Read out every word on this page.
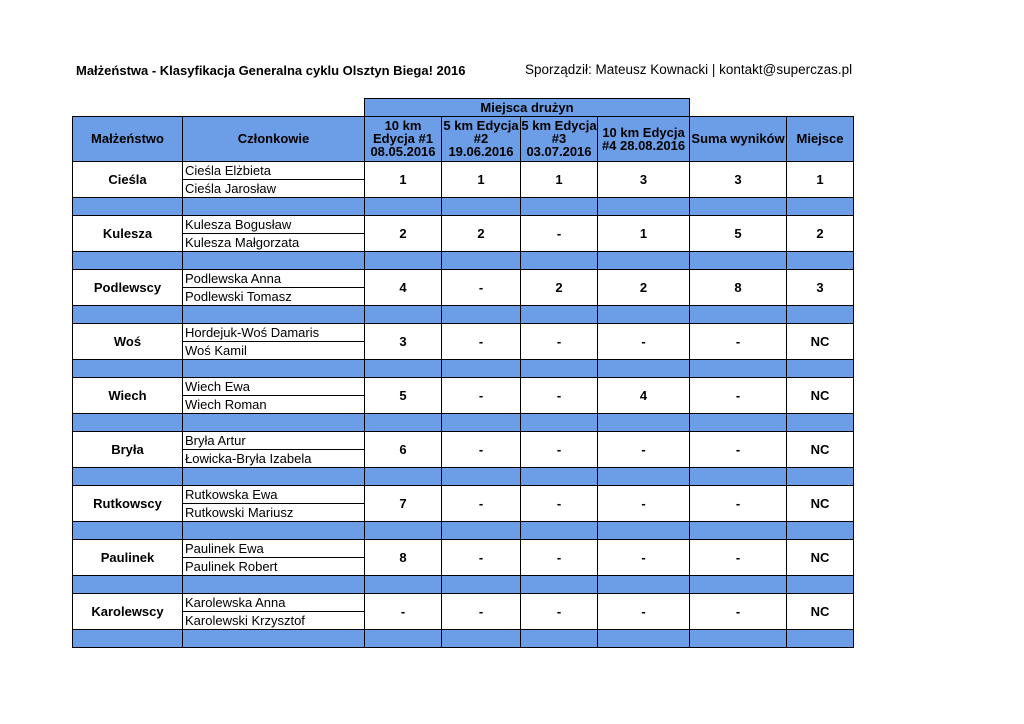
Małżeństwa - Klasyfikacja Generalna cyklu Olsztyn Biega! 2016	Sporządził: Mateusz Kownacki | kontakt@superczas.pl
		Miejsca drużyn					
Małżeństwo	Członkowie	10 km Edycja #1 08.05.2016	5 km Edycja #2 19.06.2016	5 km Edycja #3 03.07.2016	10 km Edycja #4 28.08.2016	Suma wyników	Miejsce
Cieśla	Cieśla Elżbieta	1	1	1	3	3	1
	Cieśla Jarosław						

Kulesza	Kulesza Bogusław	2	2	-	1	5	2
	Kulesza Małgorzata						

Podlewscy	Podlewska Anna	4	-	2	2	8	3
	Podlewski Tomasz						

Woś	Hordejuk-Woś Damaris	3	-	-	-	-	NC
	Woś Kamil						

Wiech	Wiech Ewa	5	-	-	4	-	NC
	Wiech Roman						

Bryła	Bryła Artur	6	-	-	-	-	NC
	Łowicka-Bryła Izabela						

Rutkowscy	Rutkowska Ewa	7	-	-	-	-	NC
	Rutkowski Mariusz						

Paulinek	Paulinek Ewa	8	-	-	-	-	NC
	Paulinek Robert						

Karolewscy	Karolewska Anna	-	-	-	-	-	NC
	Karolewski Krzysztof						
